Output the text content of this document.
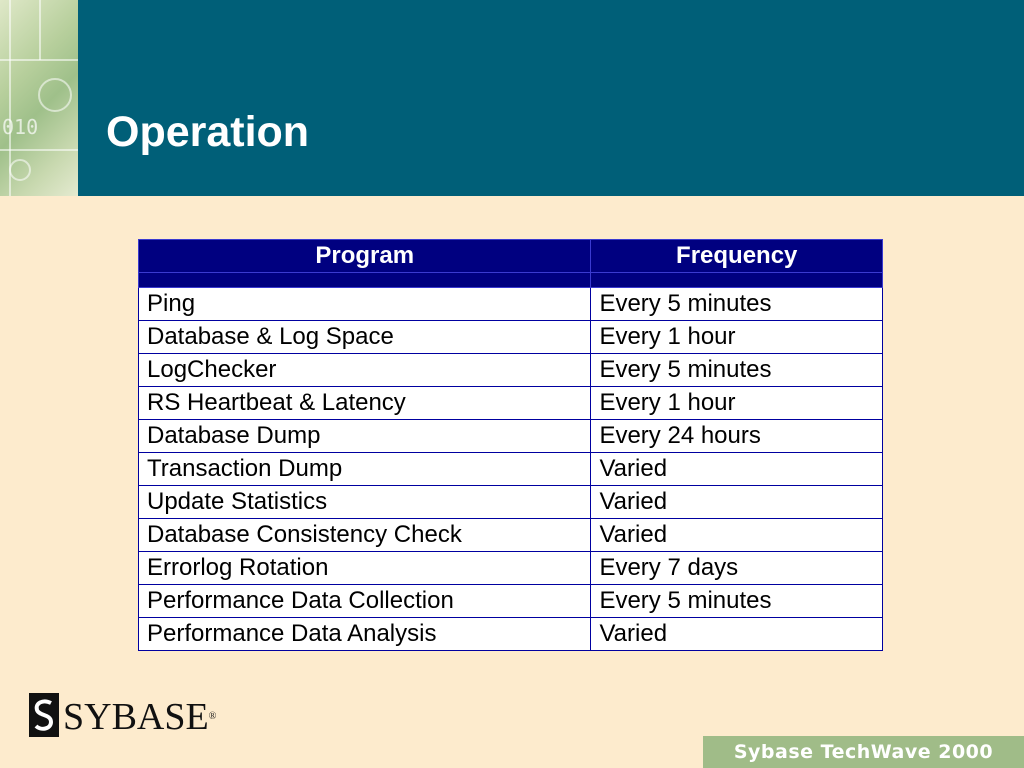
010 Operation
Program	Frequency

Ping	Every 5 minutes
Database & Log Space	Every 1 hour
LogChecker	Every 5 minutes
RS Heartbeat & Latency	Every 1 hour
Database Dump	Every 24 hours
Transaction Dump	Varied
Update Statistics	Varied
Database Consistency Check	Varied
Errorlog Rotation	Every 7 days
Performance Data Collection	Every 5 minutes
Performance Data Analysis	Varied
SYBASE®
Sybase TechWave 2000
